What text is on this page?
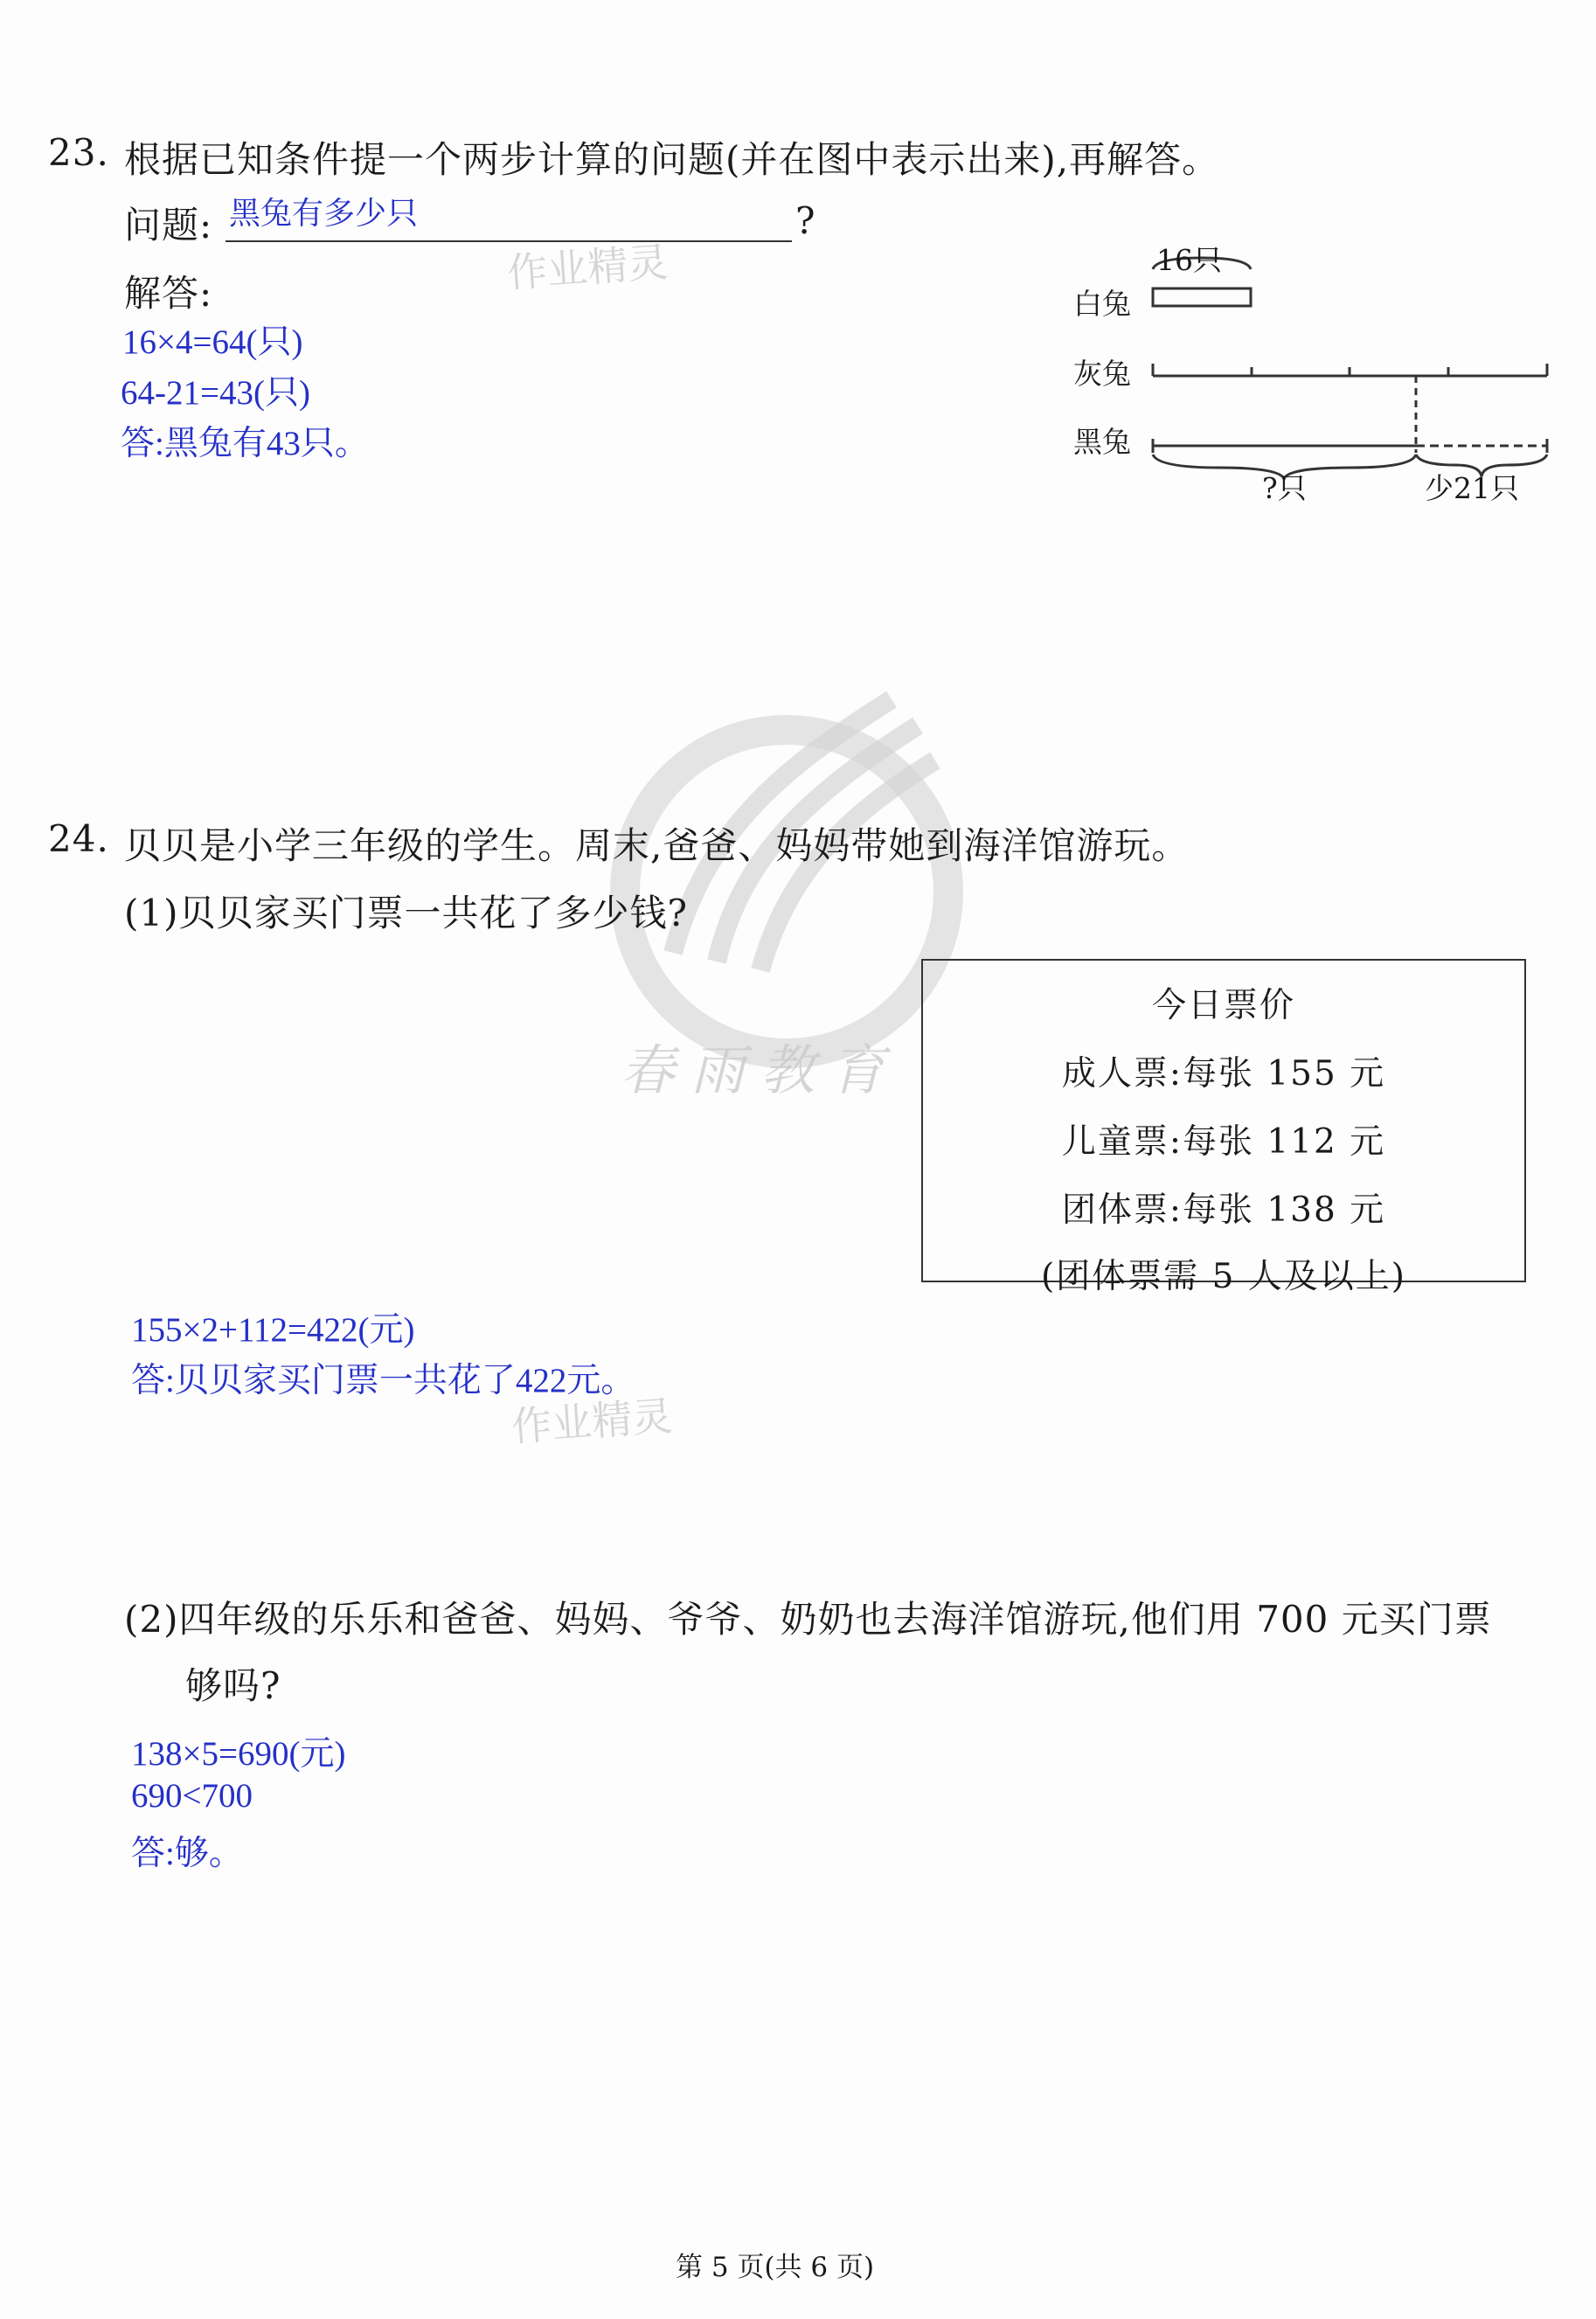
作业精灵
作业精灵
春雨教育
23. 根据已知条件提一个两步计算的问题(并在图中表示出来),再解答。
问题: 黑兔有多少只	?
解答:
16×4=64(只)
64-21=43(只)
答:黑兔有43只。
16只
白兔
灰兔
黑兔
?只	少21只
24. 贝贝是小学三年级的学生。周末,爸爸、妈妈带她到海洋馆游玩。
(1)贝贝家买门票一共花了多少钱?
今日票价
成人票:每张 155 元
儿童票:每张 112 元
团体票:每张 138 元
(团体票需 5 人及以上)
155×2+112=422(元)
答:贝贝家买门票一共花了422元。
(2)四年级的乐乐和爸爸、妈妈、爷爷、奶奶也去海洋馆游玩,他们用 700 元买门票
够吗?
138×5=690(元)
690<700
答:够。
第 5 页(共 6 页)
